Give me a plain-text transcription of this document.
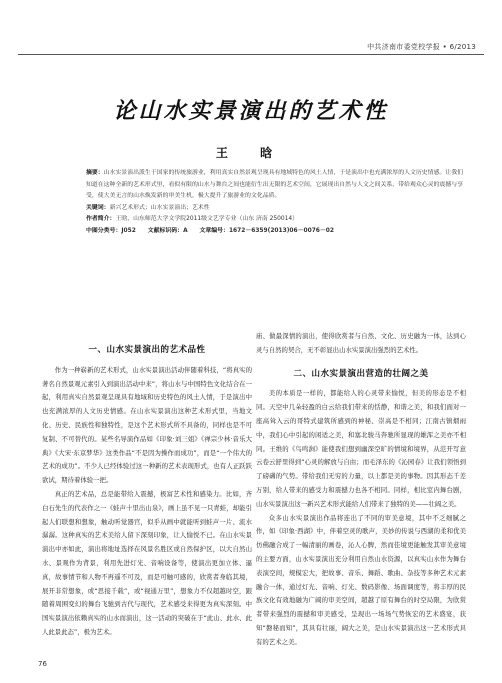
中共济南市委党校学报 • 6/2013
论山水实景演出的艺术性
王 晗

摘要：山水实景演出派生于国家的传统旅游业，利用真实自然景观呈现具有地域特色的风土人情，于是演出中也充满浓厚的人文历史情感。让我们知道在这种全新的艺术形式里，看似有限的山水与舞台之间也能衍生出无限的艺术空间，它展现出自然与人文之间关系，带给观众心灵的震撼与享受，使大美无言的山水焕发新的审美生机，极大提升了旅游业的文化品质。

关键词：新兴艺术形式；山水实景演出；艺术性

作者简介：王晗，山东师范大学文学院2011级文艺学专业（山东 济南 250014）

中图分类号：J052 文献标识码：A 文章编号：1672－6359(2013)06－0076－02

一、山水实景演出的艺术品性

作为一种崭新的艺术形式，山水实景演出活动伴随着科技，“将真实的著名自然景观元素引入到演出活动中来”，将山水与中国特色文化结合在一起，利用真实自然景观呈现具有地域和历史特色的风土人情，于是演出中也充满浓厚的人文历史情感。在山水实景演出这种艺术形式里，当地文化、历史、民族性和独特性，是这个艺术形式所不具备的，同样也是不可复制、不可替代的。某些名导演作品如《印象·刘三姐》《禅宗少林·音乐大典》《大宋·东京梦华》这类作品“不是因为操作而成功”，而是“一个伟大的艺术的成功”。不少人已经体验过这一种新的艺术表现形式，也有人正跃跃欲试，期待着体验一把。

真正的艺术品，总是能带给人震撼，极富艺术性和感染力。比如，齐白石先生的代表作之一《蛙声十里出山泉》，画上虽不见一只青蛙，却能引起人们联想和想象，触动听觉器官，似乎从画中就能听到蛙声一片、流水潺潺。这种真实的艺术美给人留下深刻印象，让人愉悦不已。在山水实景演出中亦如此，演出将地址选择在风景名胜区或自然保护区，以大自然山水、景观作为背景，利用先进灯光、音响设备等，使演出更加立体、逼真，故事情节和人物不再遥不可及，而是可触可感的，欣赏者身临其境，展开非常想象，或“思接千载”，或“视通万里”，想象力不仅超越时空，跟随着周围变幻的舞台飞驰到古代与现代，艺术感受来得更为真实深刻。中国实景演出依赖真实的山水而演出，这一活动的突破在于“此山、此水、此人此景此态”，极为艺术。

庙、做最深情的演出，使得欣赏者与自然、文化、历史融为一体，达到心灵与自然的契合，无不彰显出山水实景演出强烈的艺术性。

二、山水实景演出营造的壮阔之美

美的本质是一样的，都能给人的心灵带来愉悦，但美的形态是不相同。天空中几朵轻盈的白云给我们带来的恬静，和谐之美，和我们面对一座高耸入云的哥特式建筑所感到的神秘、崇高是不相同；江南古镇烟雨中，我们心中引起的闲适之美，和塞北骏马奔驰所显现的雄浑之美亦不相同。王维的《鸟鸣涧》能使我们想到幽深空旷的情境和境界，从范开写意云卷云舒里得到“心灵的解放与自由；而毛泽东的《沁园春》让我们领悟到了磅礴的气势。带给我们无穷的力量，以上都是美的事物。因其形态千差万别，给人带来的感受力和震撼力也各不相同。同样，相比室内舞台剧，山水实景演出这一新兴艺术形式能给人们带来了独特的美——壮阔之美。

众多山水实景演出作品将连出了不同的审美意境，其中不乏细腻之作，如《印象·西湖》中，伴着空灵的歌声，美妙的传说与西湖的柔和优美仿佛融合成了一幅清丽的画卷，沁人心脾，然而佳境更能触发其审美意境的主要方面，山水实景演出充分利用自然山水资源，以真实山水作为舞台表演空间，规模宏大，把故事、音乐、舞蹈、歌曲、杂技等多种艺术元素融合一体，通过灯光、音响、灯光、数码影像、场面调度等，将丰厚的民族文化有效地融为广阔的审美空间，超越了原有舞台的时空局限，为欣赏者带来强烈的震撼和审美感受，呈现出一场场气势恢宏的艺术盛宴，获知“磐秘而知”，其具有壮丽，阔大之美，是山水实景演出这一艺术形式具有的艺术之美。

76
